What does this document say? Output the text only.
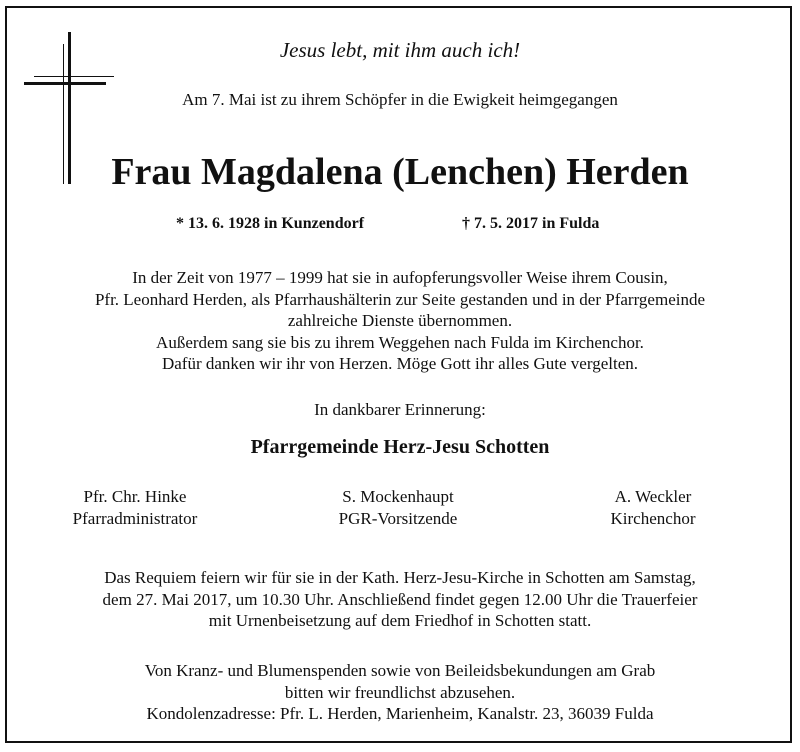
Jesus lebt, mit ihm auch ich!
Am 7. Mai ist zu ihrem Schöpfer in die Ewigkeit heimgegangen
Frau Magdalena (Lenchen) Herden
* 13. 6. 1928 in Kunzendorf	† 7. 5. 2017 in Fulda
In der Zeit von 1977 – 1999 hat sie in aufopferungsvoller Weise ihrem Cousin,
Pfr. Leonhard Herden, als Pfarrhaushälterin zur Seite gestanden und in der Pfarrgemeinde
zahlreiche Dienste übernommen.
Außerdem sang sie bis zu ihrem Weggehen nach Fulda im Kirchenchor.
Dafür danken wir ihr von Herzen. Möge Gott ihr alles Gute vergelten.
In dankbarer Erinnerung:
Pfarrgemeinde Herz-Jesu Schotten
Pfr. Chr. Hinke
Pfarradministrator
S. Mockenhaupt
PGR-Vorsitzende
A. Weckler
Kirchenchor
Das Requiem feiern wir für sie in der Kath. Herz-Jesu-Kirche in Schotten am Samstag,
dem 27. Mai 2017, um 10.30 Uhr. Anschließend findet gegen 12.00 Uhr die Trauerfeier
mit Urnenbeisetzung auf dem Friedhof in Schotten statt.
Von Kranz- und Blumenspenden sowie von Beileidsbekundungen am Grab
bitten wir freundlichst abzusehen.
Kondolenzadresse: Pfr. L. Herden, Marienheim, Kanalstr. 23, 36039 Fulda
